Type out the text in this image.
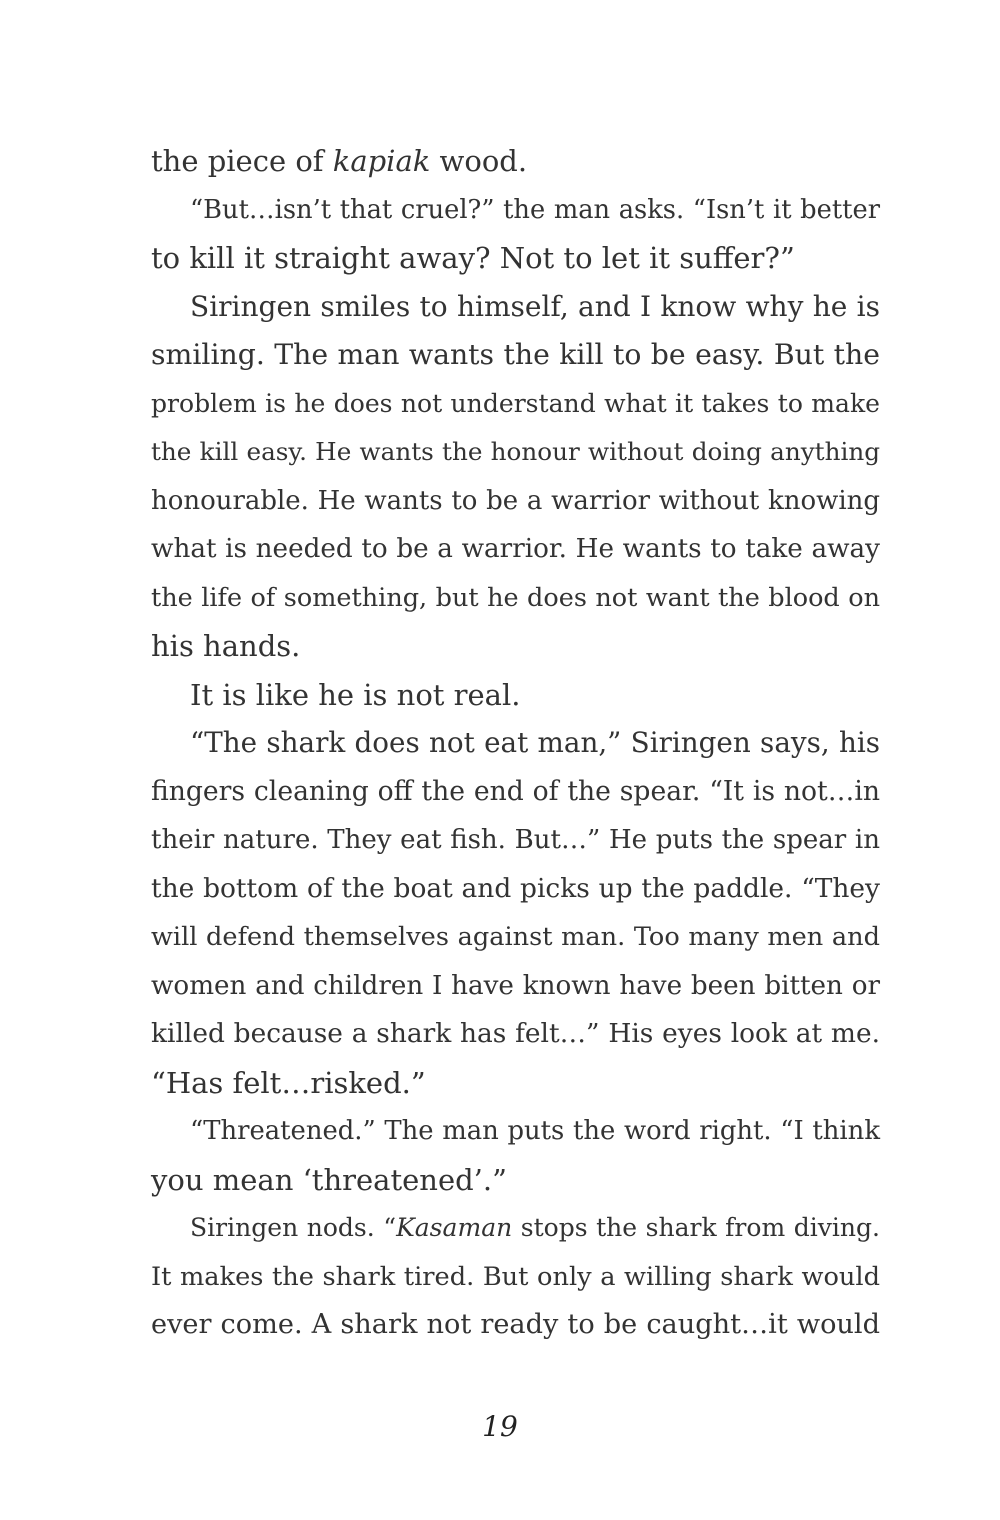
the piece of kapiak wood.
“But…isn’t that cruel?” the man asks. “Isn’t it better
to kill it straight away? Not to let it suffer?”
Siringen smiles to himself, and I know why he is
smiling. The man wants the kill to be easy. But the
problem is he does not understand what it takes to make
the kill easy. He wants the honour without doing anything
honourable. He wants to be a warrior without knowing
what is needed to be a warrior. He wants to take away
the life of something, but he does not want the blood on
his hands.
It is like he is not real.
“The shark does not eat man,” Siringen says, his
fingers cleaning off the end of the spear. “It is not…in
their nature. They eat fish. But…” He puts the spear in
the bottom of the boat and picks up the paddle. “They
will defend themselves against man. Too many men and
women and children I have known have been bitten or
killed because a shark has felt…” His eyes look at me.
“Has felt…risked.”
“Threatened.” The man puts the word right. “I think
you mean ‘threatened’.”
Siringen nods. “Kasaman stops the shark from diving.
It makes the shark tired. But only a willing shark would
ever come. A shark not ready to be caught…it would
19
